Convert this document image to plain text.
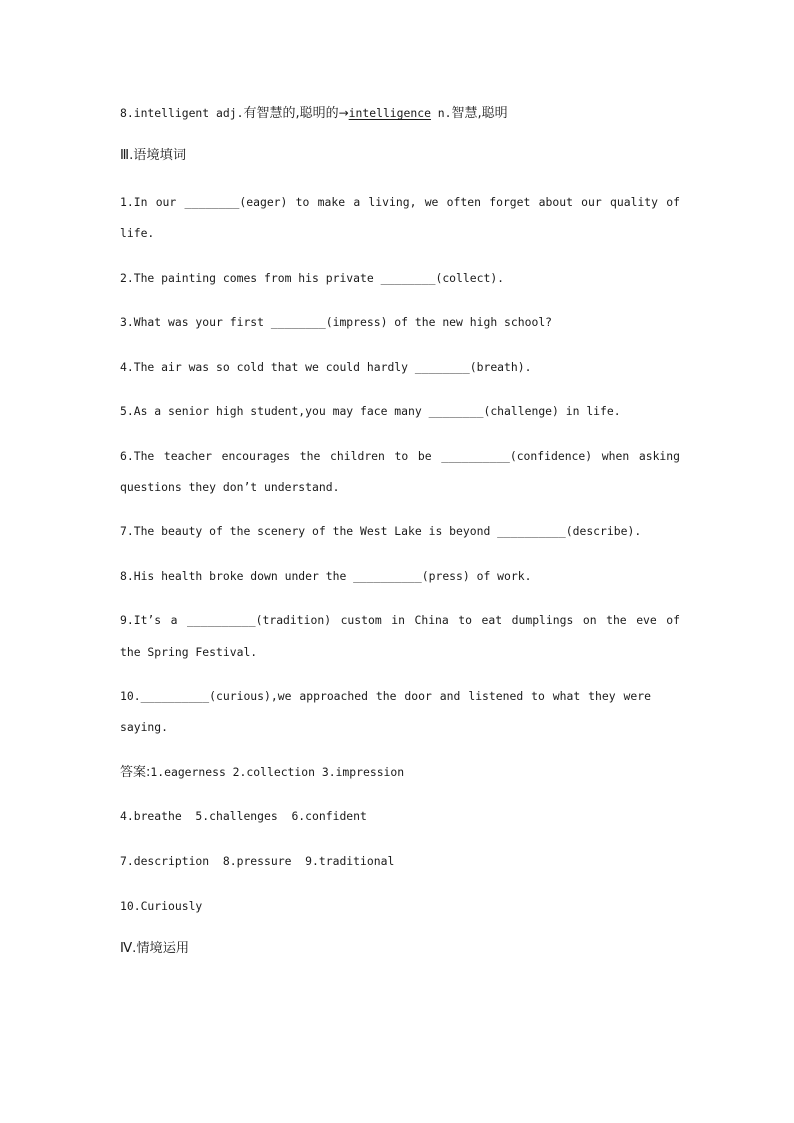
8.intelligent adj.有智慧的,聪明的→intelligence n.智慧,聪明
Ⅲ.语境填词
1.In our ________(eager) to make a living, we often forget about our quality of
life.
2.The painting comes from his private ________(collect).
3.What was your first ________(impress) of the new high school?
4.The air was so cold that we could hardly ________(breath).
5.As a senior high student,you may face many ________(challenge) in life.
6.The teacher encourages the children to be __________(confidence) when asking
questions they don’t understand.
7.The beauty of the scenery of the West Lake is beyond __________(describe).
8.His health broke down under the __________(press) of work.
9.It’s a __________(tradition) custom in China to eat dumplings on the eve of
the Spring Festival.
10.__________(curious),we approached the door and listened to what they were
saying.
答案:1.eagerness 2.collection 3.impression
4.breathe  5.challenges  6.confident
7.description  8.pressure  9.traditional
10.Curiously
Ⅳ.情境运用
